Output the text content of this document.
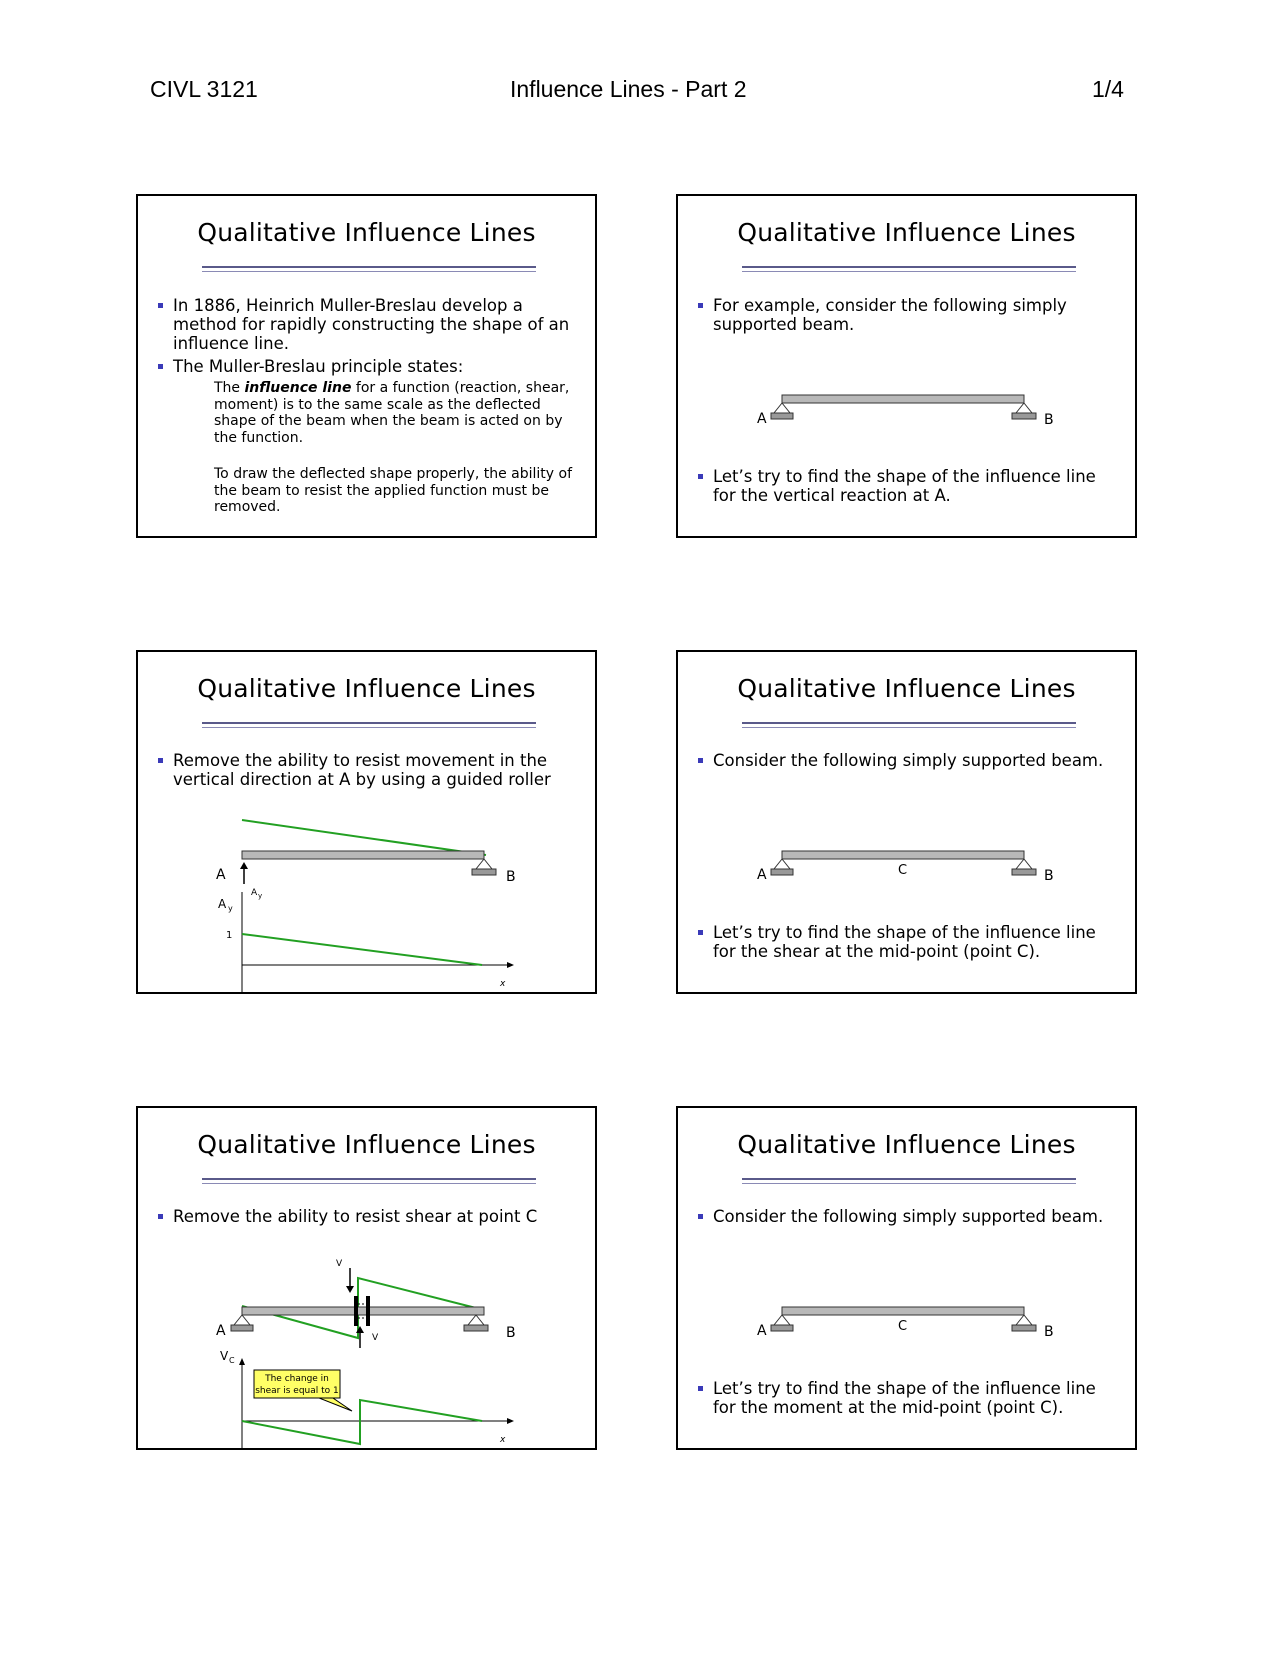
CIVL 3121	Influence Lines - Part 2	1/4
Qualitative Influence Lines
In 1886, Heinrich Muller-Breslau develop a method for rapidly constructing the shape of an influence line.
The Muller-Breslau principle states:
The influence line for a function (reaction, shear, moment) is to the same scale as the deflected shape of the beam when the beam is acted on by the function.
To draw the deflected shape properly, the ability of the beam to resist the applied function must be removed.
Qualitative Influence Lines
For example, consider the following simply supported beam.
A	B
Let’s try to find the shape of the influence line for the vertical reaction at A.
Qualitative Influence Lines
Remove the ability to resist movement in the vertical direction at A by using a guided roller
A	B
A y
A y
1
x
Qualitative Influence Lines
Consider the following simply supported beam.
A	C	B
Let’s try to find the shape of the influence line for the shear at the mid-point (point C).
Qualitative Influence Lines
Remove the ability to resist shear at point C
V
V
A	B
V C
x
The change in
shear is equal to 1
Qualitative Influence Lines
Consider the following simply supported beam.
A	C	B
Let’s try to find the shape of the influence line for the moment at the mid-point (point C).
